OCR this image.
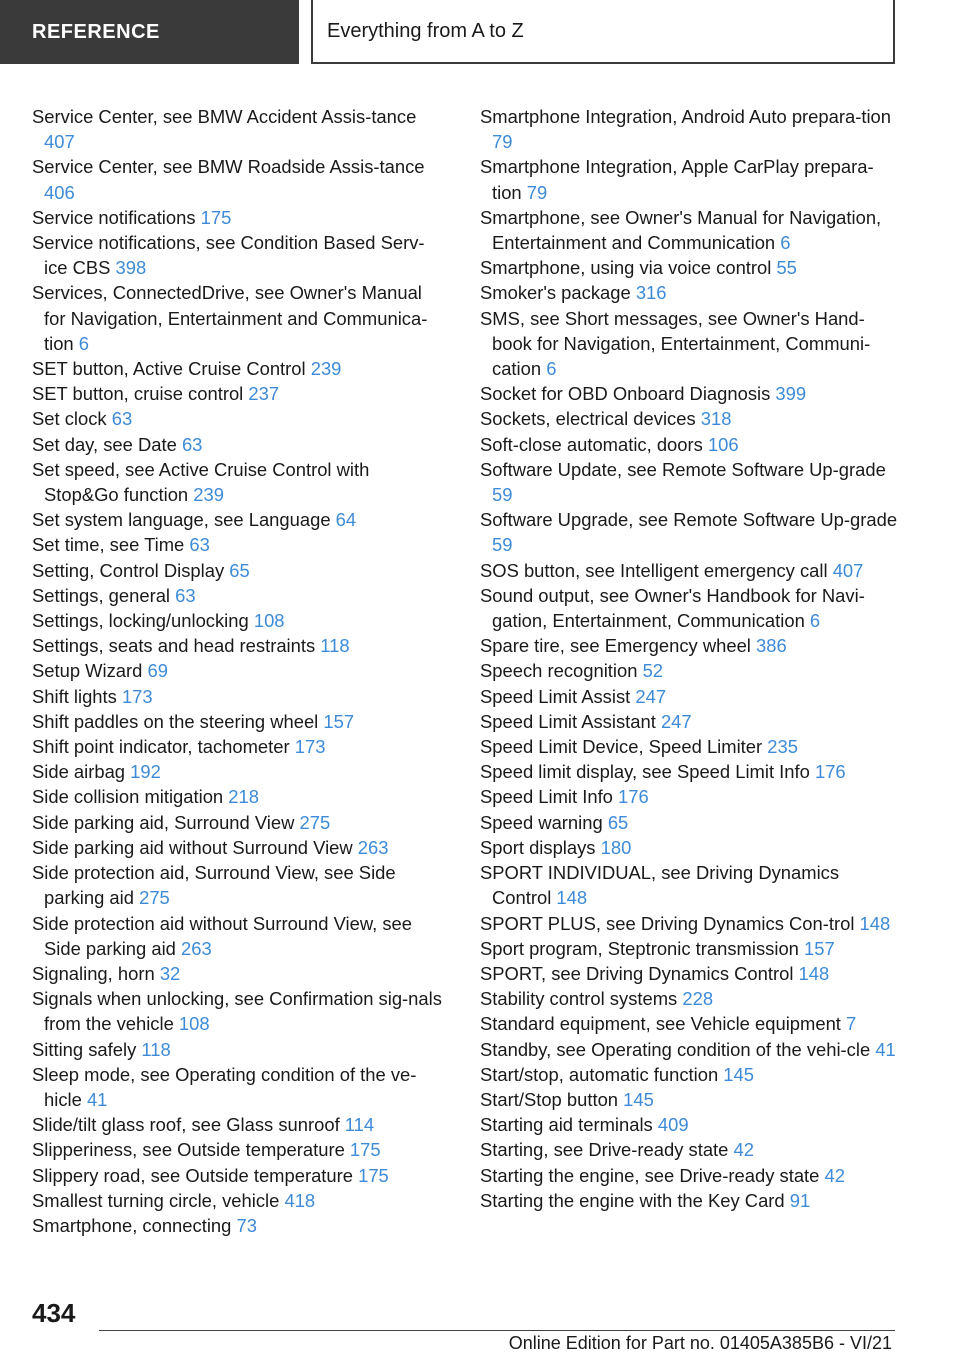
REFERENCE	Everything from A to Z
Service Center, see BMW Accident Assis-tance 407
Service Center, see BMW Roadside Assis-tance 406
Service notifications 175
Service notifications, see Condition Based Serv-ice CBS 398
Services, ConnectedDrive, see Owner's Manual for Navigation, Entertainment and Communica-tion 6
SET button, Active Cruise Control 239
SET button, cruise control 237
Set clock 63
Set day, see Date 63
Set speed, see Active Cruise Control with Stop&Go function 239
Set system language, see Language 64
Set time, see Time 63
Setting, Control Display 65
Settings, general 63
Settings, locking/unlocking 108
Settings, seats and head restraints 118
Setup Wizard 69
Shift lights 173
Shift paddles on the steering wheel 157
Shift point indicator, tachometer 173
Side airbag 192
Side collision mitigation 218
Side parking aid, Surround View 275
Side parking aid without Surround View 263
Side protection aid, Surround View, see Side parking aid 275
Side protection aid without Surround View, see Side parking aid 263
Signaling, horn 32
Signals when unlocking, see Confirmation sig-nals from the vehicle 108
Sitting safely 118
Sleep mode, see Operating condition of the ve-hicle 41
Slide/tilt glass roof, see Glass sunroof 114
Slipperiness, see Outside temperature 175
Slippery road, see Outside temperature 175
Smallest turning circle, vehicle 418
Smartphone, connecting 73
Smartphone Integration, Android Auto prepara-tion 79
Smartphone Integration, Apple CarPlay prepara-tion 79
Smartphone, see Owner's Manual for Navigation, Entertainment and Communication 6
Smartphone, using via voice control 55
Smoker's package 316
SMS, see Short messages, see Owner's Hand-book for Navigation, Entertainment, Communi-cation 6
Socket for OBD Onboard Diagnosis 399
Sockets, electrical devices 318
Soft-close automatic, doors 106
Software Update, see Remote Software Up-grade 59
Software Upgrade, see Remote Software Up-grade 59
SOS button, see Intelligent emergency call 407
Sound output, see Owner's Handbook for Navi-gation, Entertainment, Communication 6
Spare tire, see Emergency wheel 386
Speech recognition 52
Speed Limit Assist 247
Speed Limit Assistant 247
Speed Limit Device, Speed Limiter 235
Speed limit display, see Speed Limit Info 176
Speed Limit Info 176
Speed warning 65
Sport displays 180
SPORT INDIVIDUAL, see Driving Dynamics Control 148
SPORT PLUS, see Driving Dynamics Con-trol 148
Sport program, Steptronic transmission 157
SPORT, see Driving Dynamics Control 148
Stability control systems 228
Standard equipment, see Vehicle equipment 7
Standby, see Operating condition of the vehi-cle 41
Start/stop, automatic function 145
Start/Stop button 145
Starting aid terminals 409
Starting, see Drive-ready state 42
Starting the engine, see Drive-ready state 42
Starting the engine with the Key Card 91
434
Online Edition for Part no. 01405A385B6 - VI/21
